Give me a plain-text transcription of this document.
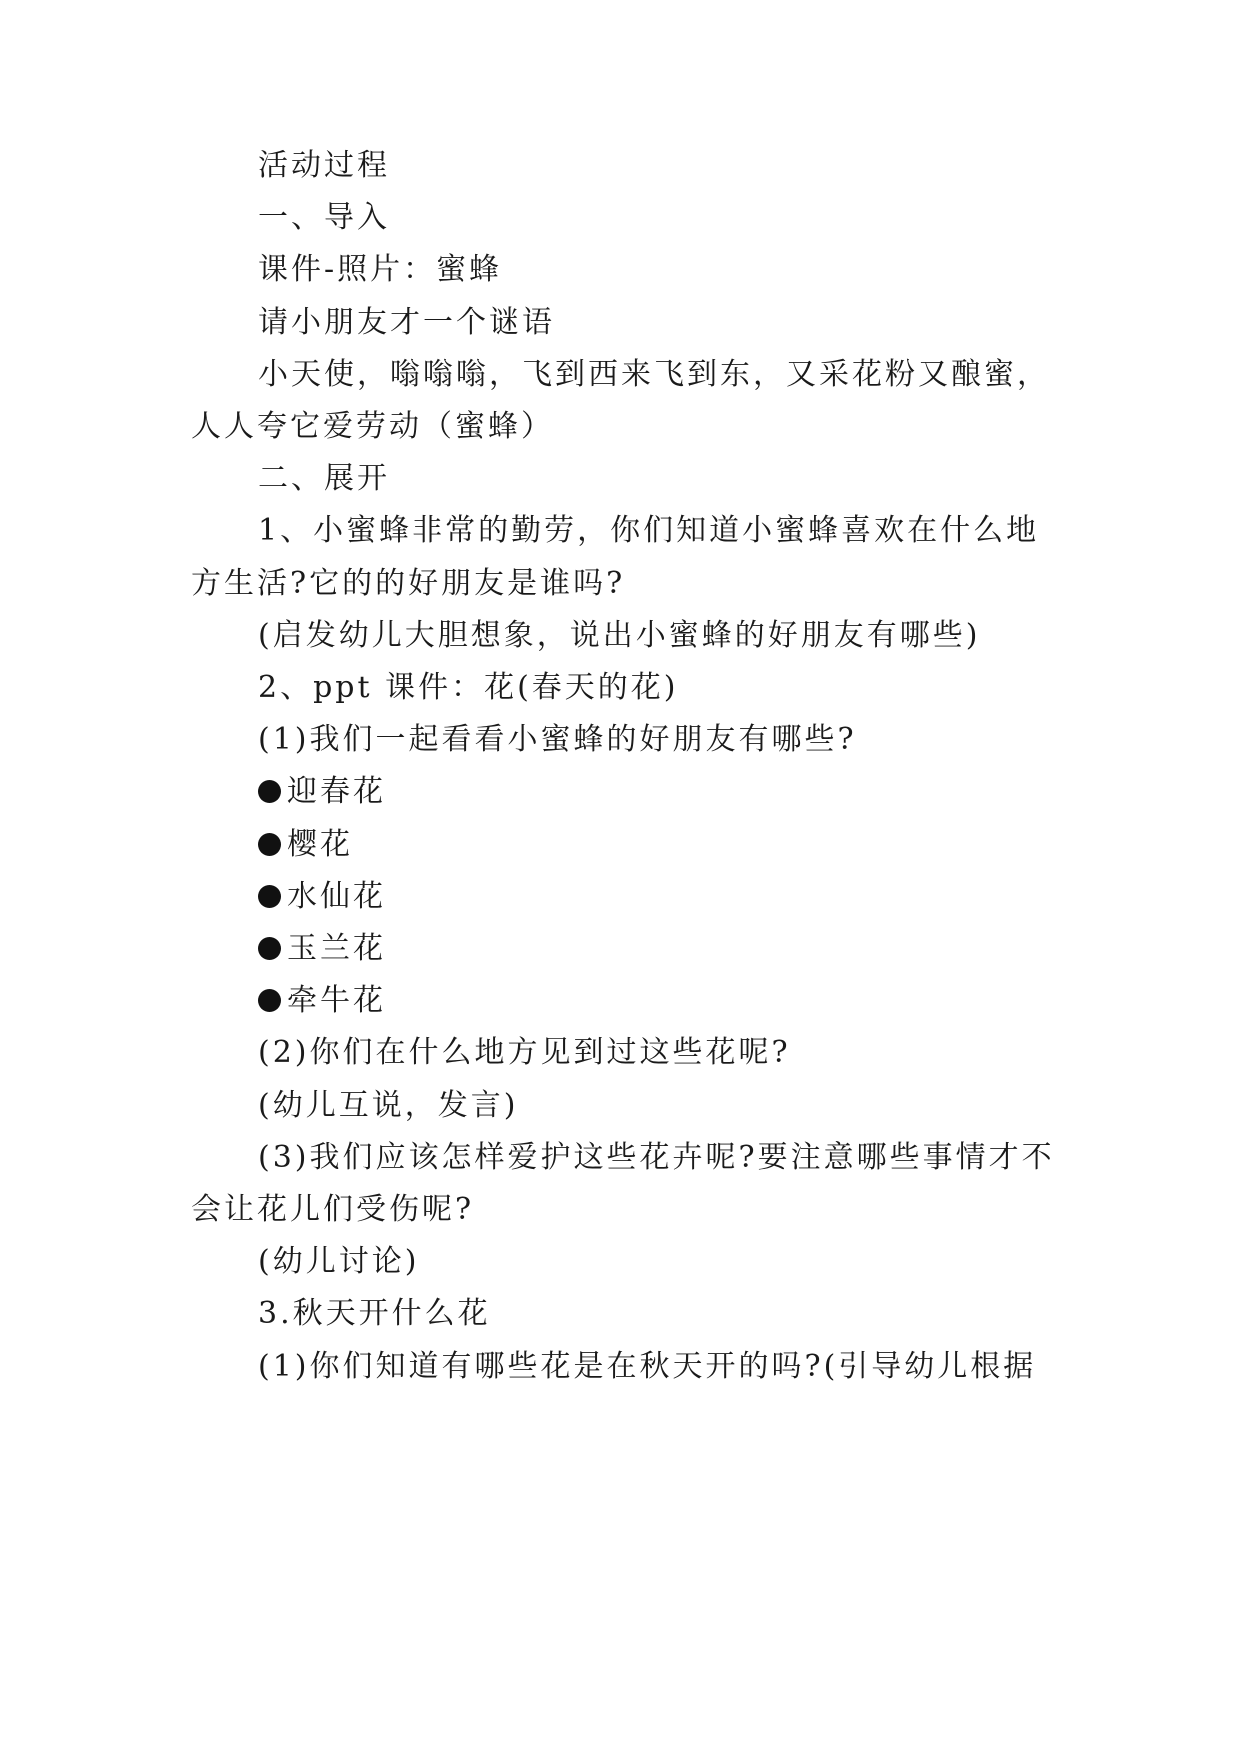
活动过程
一、导入
课件-照片：蜜蜂
请小朋友才一个谜语
小天使，嗡嗡嗡，飞到西来飞到东，又采花粉又酿蜜，
人人夸它爱劳动（蜜蜂）
二、展开
1、小蜜蜂非常的勤劳，你们知道小蜜蜂喜欢在什么地
方生活?它的的好朋友是谁吗?
(启发幼儿大胆想象，说出小蜜蜂的好朋友有哪些)
2、ppt 课件：花(春天的花)
(1)我们一起看看小蜜蜂的好朋友有哪些?
迎春花
樱花
水仙花
玉兰花
牵牛花
(2)你们在什么地方见到过这些花呢?
(幼儿互说，发言)
(3)我们应该怎样爱护这些花卉呢?要注意哪些事情才不
会让花儿们受伤呢?
(幼儿讨论)
3.秋天开什么花
(1)你们知道有哪些花是在秋天开的吗?(引导幼儿根据
